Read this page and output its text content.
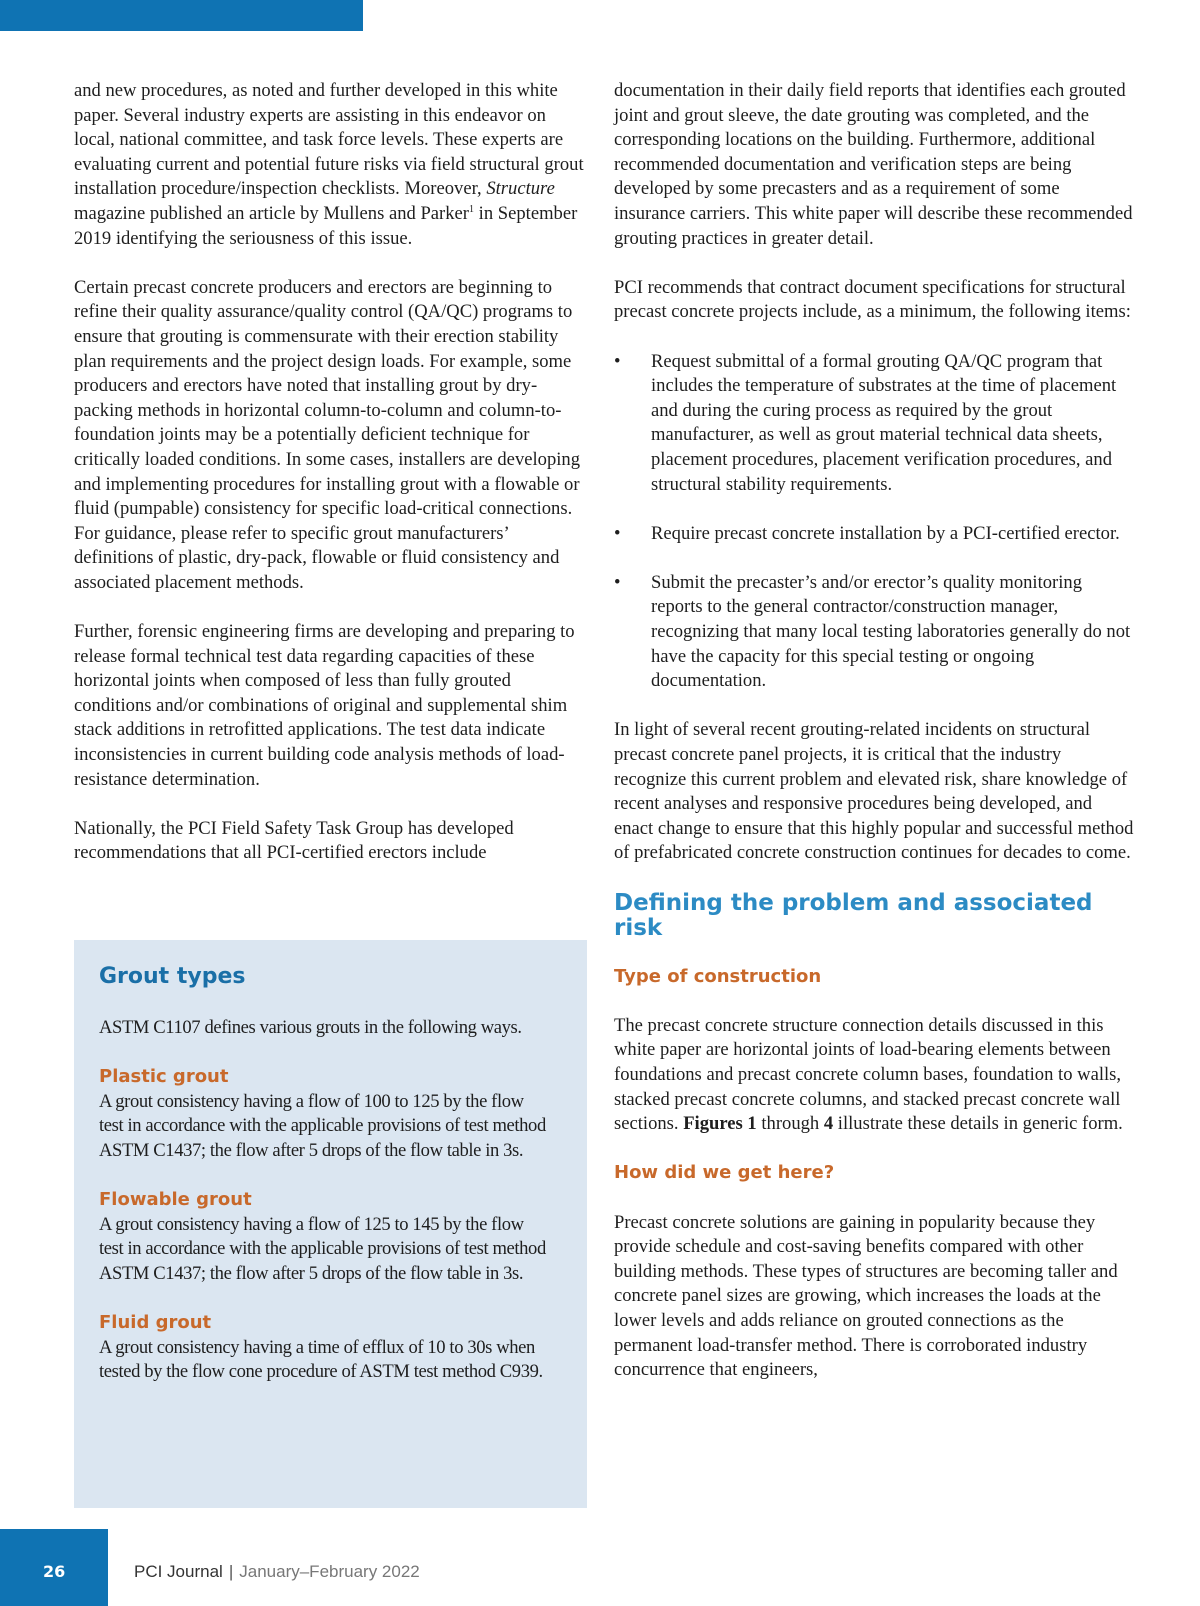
and new procedures, as noted and further developed in this white paper. Several industry experts are assisting in this endeavor on local, national committee, and task force levels. These experts are evaluating current and potential future risks via field structural grout installation procedure/inspection checklists. Moreover, Structure magazine published an article by Mullens and Parker$^1$ in September 2019 identifying the seriousness of this issue.

Certain precast concrete producers and erectors are beginning to refine their quality assurance/quality control (QA/QC) programs to ensure that grouting is commensurate with their erection stability plan requirements and the project design loads. For example, some producers and erectors have noted that installing grout by dry-packing methods in horizontal column-to-column and column-to-foundation joints may be a potentially deficient technique for critically loaded conditions. In some cases, installers are developing and implementing procedures for installing grout with a flowable or fluid (pumpable) consistency for specific load-critical connections. For guidance, please refer to specific grout manufacturers’ definitions of plastic, dry-pack, flowable or fluid consistency and associated placement methods.

Further, forensic engineering firms are developing and preparing to release formal technical test data regarding capacities of these horizontal joints when composed of less than fully grouted conditions and/or combinations of original and supplemental shim stack additions in retrofitted applications. The test data indicate inconsistencies in current building code analysis methods of load-resistance determination.

Nationally, the PCI Field Safety Task Group has developed recommendations that all PCI-certified erectors include

Grout types

ASTM C1107 defines various grouts in the following ways.

Plastic grout

A grout consistency having a flow of 100 to 125 by the flow test in accordance with the applicable provisions of test method ASTM C1437; the flow after 5 drops of the flow table in 3s.

Flowable grout

A grout consistency having a flow of 125 to 145 by the flow test in accordance with the applicable provisions of test method ASTM C1437; the flow after 5 drops of the flow table in 3s.

Fluid grout

A grout consistency having a time of efflux of 10 to 30s when tested by the flow cone procedure of ASTM test method C939.

documentation in their daily field reports that identifies each grouted joint and grout sleeve, the date grouting was completed, and the corresponding locations on the building. Furthermore, additional recommended documentation and verification steps are being developed by some precasters and as a requirement of some insurance carriers. This white paper will describe these recommended grouting practices in greater detail.

PCI recommends that contract document specifications for structural precast concrete projects include, as a minimum, the following items:

• Request submittal of a formal grouting QA/QC program that includes the temperature of substrates at the time of placement and during the curing process as required by the grout manufacturer, as well as grout material technical data sheets, placement procedures, placement verification procedures, and structural stability requirements.
• Require precast concrete installation by a PCI-certified erector.
• Submit the precaster’s and/or erector’s quality monitoring reports to the general contractor/construction manager, recognizing that many local testing laboratories generally do not have the capacity for this special testing or ongoing documentation.

In light of several recent grouting-related incidents on structural precast concrete panel projects, it is critical that the industry recognize this current problem and elevated risk, share knowledge of recent analyses and responsive procedures being developed, and enact change to ensure that this highly popular and successful method of prefabricated concrete construction continues for decades to come.

Defining the problem and associated risk
Type of construction

The precast concrete structure connection details discussed in this white paper are horizontal joints of load-bearing elements between foundations and precast concrete column bases, foundation to walls, stacked precast concrete columns, and stacked precast concrete wall sections. Figures 1 through 4 illustrate these details in generic form.

How did we get here?

Precast concrete solutions are gaining in popularity because they provide schedule and cost-saving benefits compared with other building methods. These types of structures are becoming taller and concrete panel sizes are growing, which increases the loads at the lower levels and adds reliance on grouted connections as the permanent load-transfer method. There is corroborated industry concurrence that engineers,

26	PCI Journal | January–February 2022
